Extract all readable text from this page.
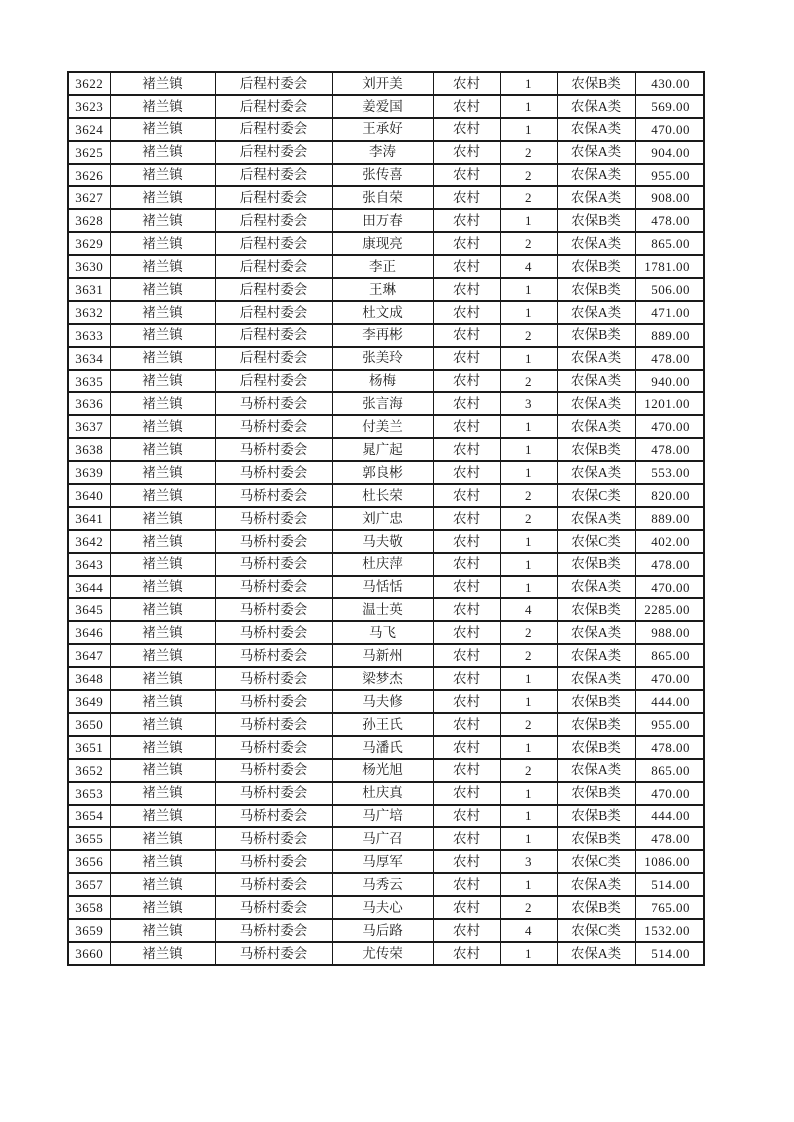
3622	褚兰镇	后程村委会	刘开美	农村	1	农保B类	430.00
3623	褚兰镇	后程村委会	姜爱国	农村	1	农保A类	569.00
3624	褚兰镇	后程村委会	王承好	农村	1	农保A类	470.00
3625	褚兰镇	后程村委会	李涛	农村	2	农保A类	904.00
3626	褚兰镇	后程村委会	张传喜	农村	2	农保A类	955.00
3627	褚兰镇	后程村委会	张自荣	农村	2	农保A类	908.00
3628	褚兰镇	后程村委会	田万春	农村	1	农保B类	478.00
3629	褚兰镇	后程村委会	康现亮	农村	2	农保A类	865.00
3630	褚兰镇	后程村委会	李正	农村	4	农保B类	1781.00
3631	褚兰镇	后程村委会	王琳	农村	1	农保B类	506.00
3632	褚兰镇	后程村委会	杜文成	农村	1	农保A类	471.00
3633	褚兰镇	后程村委会	李再彬	农村	2	农保B类	889.00
3634	褚兰镇	后程村委会	张美玲	农村	1	农保A类	478.00
3635	褚兰镇	后程村委会	杨梅	农村	2	农保A类	940.00
3636	褚兰镇	马桥村委会	张言海	农村	3	农保A类	1201.00
3637	褚兰镇	马桥村委会	付美兰	农村	1	农保A类	470.00
3638	褚兰镇	马桥村委会	晁广起	农村	1	农保B类	478.00
3639	褚兰镇	马桥村委会	郭良彬	农村	1	农保A类	553.00
3640	褚兰镇	马桥村委会	杜长荣	农村	2	农保C类	820.00
3641	褚兰镇	马桥村委会	刘广忠	农村	2	农保A类	889.00
3642	褚兰镇	马桥村委会	马夫敬	农村	1	农保C类	402.00
3643	褚兰镇	马桥村委会	杜庆萍	农村	1	农保B类	478.00
3644	褚兰镇	马桥村委会	马恬恬	农村	1	农保A类	470.00
3645	褚兰镇	马桥村委会	温士英	农村	4	农保B类	2285.00
3646	褚兰镇	马桥村委会	马飞	农村	2	农保A类	988.00
3647	褚兰镇	马桥村委会	马新州	农村	2	农保A类	865.00
3648	褚兰镇	马桥村委会	梁梦杰	农村	1	农保A类	470.00
3649	褚兰镇	马桥村委会	马夫修	农村	1	农保B类	444.00
3650	褚兰镇	马桥村委会	孙王氏	农村	2	农保B类	955.00
3651	褚兰镇	马桥村委会	马潘氏	农村	1	农保B类	478.00
3652	褚兰镇	马桥村委会	杨光旭	农村	2	农保A类	865.00
3653	褚兰镇	马桥村委会	杜庆真	农村	1	农保B类	470.00
3654	褚兰镇	马桥村委会	马广培	农村	1	农保B类	444.00
3655	褚兰镇	马桥村委会	马广召	农村	1	农保B类	478.00
3656	褚兰镇	马桥村委会	马厚军	农村	3	农保C类	1086.00
3657	褚兰镇	马桥村委会	马秀云	农村	1	农保A类	514.00
3658	褚兰镇	马桥村委会	马夫心	农村	2	农保B类	765.00
3659	褚兰镇	马桥村委会	马后路	农村	4	农保C类	1532.00
3660	褚兰镇	马桥村委会	尤传荣	农村	1	农保A类	514.00
